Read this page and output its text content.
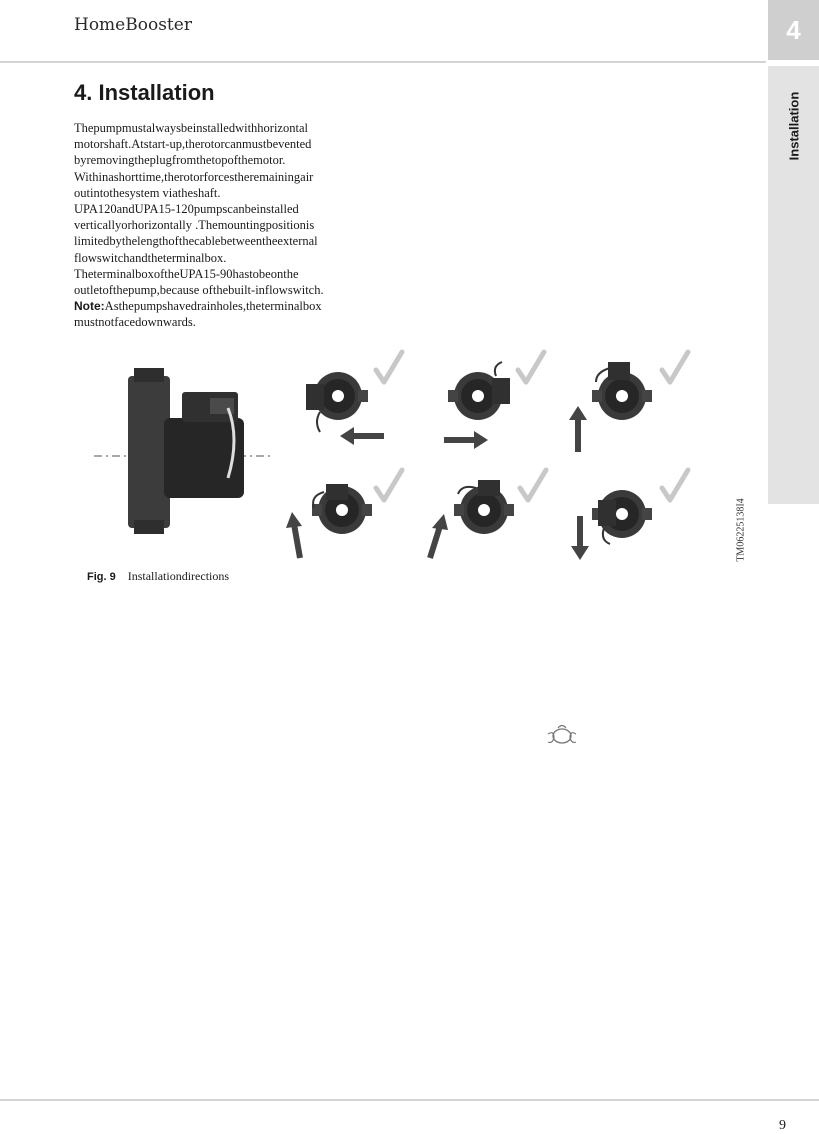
HomeBooster	4
Installation
4. Installation

Thepumpmustalwaysbeinstalledwithhorizontal motorshaft.Atstart-up,therotorcanmustbevented byremovingtheplugfromthetopofthemotor.

Withinashorttime,therotorforcestheremainingair outintothesystem viatheshaft.

UPA120andUPA15-120pumpscanbeinstalled verticallyorhorizontally .Themountingpositionis limitedbythelengthofthecablebetweentheexternal flowswitchandtheterminalbox.

TheterminalboxoftheUPA15-90hastobeonthe outletofthepump,because ofthebuilt-inflowswitch.

Note:Asthepumpshavedrainholes,theterminalbox mustnotfacedownwards.

Fig. 9 Installationdirections
TM06225138I4
9
